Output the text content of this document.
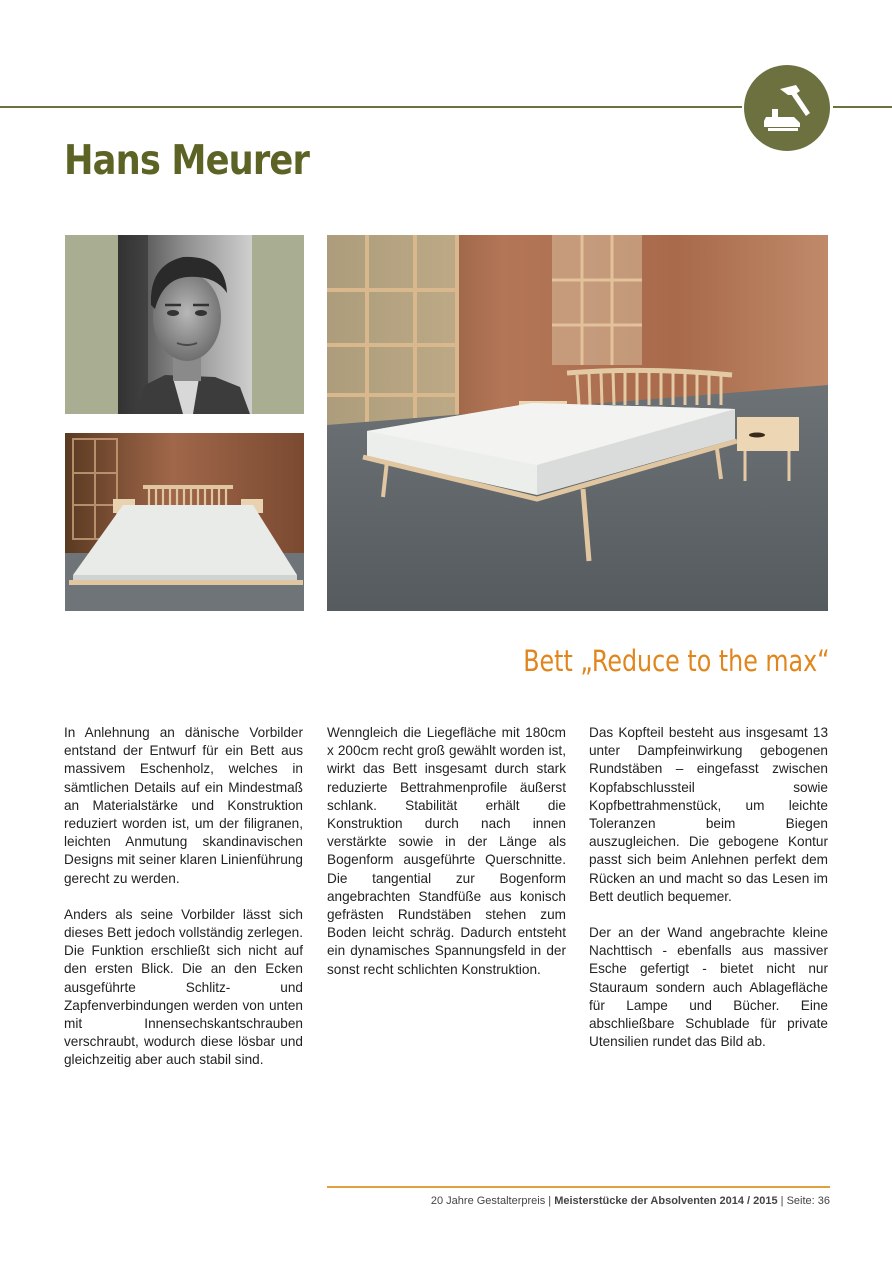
Hans Meurer
Bett „Reduce to the max“

In Anlehnung an dänische Vorbilder entstand der Entwurf für ein Bett aus massivem Eschenholz, welches in sämtlichen Details auf ein Mindestmaß an Materialstärke und Konstruktion reduziert worden ist, um der filigranen, leichten Anmutung skandinavischen Designs mit seiner klaren Linienführung gerecht zu werden.

Anders als seine Vorbilder lässt sich dieses Bett jedoch vollständig zerlegen. Die Funktion erschließt sich nicht auf den ersten Blick. Die an den Ecken ausgeführte Schlitz- und Zapfenverbindungen werden von unten mit Innensechskantschrauben verschraubt, wodurch diese lösbar und gleichzeitig aber auch stabil sind.

Wenngleich die Liegefläche mit 180cm x 200cm recht groß gewählt worden ist, wirkt das Bett insgesamt durch stark reduzierte Bettrahmenprofile äußerst schlank. Stabilität erhält die Konstruktion durch nach innen verstärkte sowie in der Länge als Bogenform ausgeführte Querschnitte. Die tangential zur Bogenform angebrachten Standfüße aus konisch gefrästen Rundstäben stehen zum Boden leicht schräg. Dadurch entsteht ein dynamisches Spannungsfeld in der sonst recht schlichten Konstruktion.

Das Kopfteil besteht aus insgesamt 13 unter Dampfeinwirkung gebogenen Rundstäben – eingefasst zwischen Kopfabschlussteil sowie Kopfbettrahmenstück, um leichte Toleranzen beim Biegen auszugleichen. Die gebogene Kontur passt sich beim Anlehnen perfekt dem Rücken an und macht so das Lesen im Bett deutlich bequemer.

Der an der Wand angebrachte kleine Nachttisch - ebenfalls aus massiver Esche gefertigt - bietet nicht nur Stauraum sondern auch Ablagefläche für Lampe und Bücher. Eine abschließbare Schublade für private Utensilien rundet das Bild ab.

20 Jahre Gestalterpreis | Meisterstücke der Absolventen 2014 / 2015 | Seite: 36
